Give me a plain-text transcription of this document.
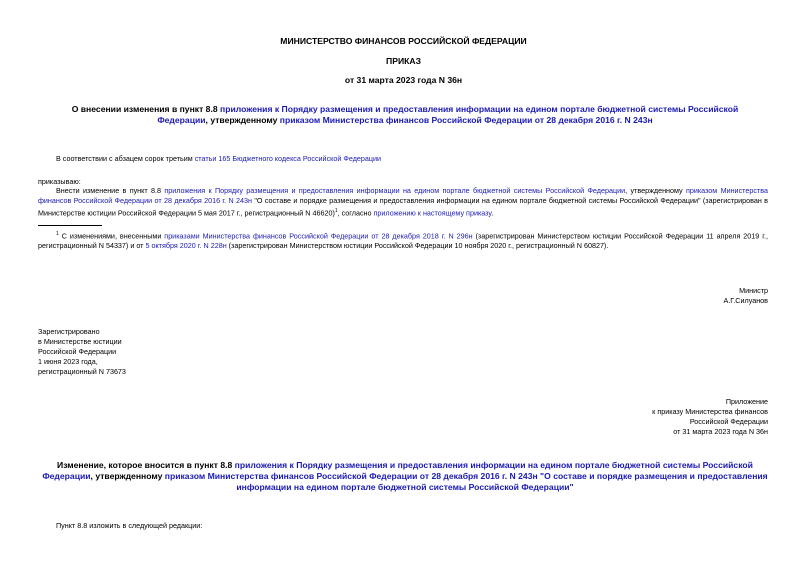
МИНИСТЕРСТВО ФИНАНСОВ РОССИЙСКОЙ ФЕДЕРАЦИИ
ПРИКАЗ
от 31 марта 2023 года N 36н
О внесении изменения в пункт 8.8 приложения к Порядку размещения и предоставления информации на едином портале бюджетной системы Российской Федерации, утвержденному приказом Министерства финансов Российской Федерации от 28 декабря 2016 г. N 243н
В соответствии с абзацем сорок третьим статьи 165 Бюджетного кодекса Российской Федерации
приказываю:
Внести изменение в пункт 8.8 приложения к Порядку размещения и предоставления информации на едином портале бюджетной системы Российской Федерации, утвержденному приказом Министерства финансов Российской Федерации от 28 декабря 2016 г. N 243н "О составе и порядке размещения и предоставления информации на едином портале бюджетной системы Российской Федерации" (зарегистрирован в Министерстве юстиции Российской Федерации 5 мая 2017 г., регистрационный N 46620)$^1$, согласно приложению к настоящему приказу.
$^1$ С изменениями, внесенными приказами Министерства финансов Российской Федерации от 28 декабря 2018 г. N 296н (зарегистрирован Министерством юстиции Российской Федерации 11 апреля 2019 г., регистрационный N 54337) и от 5 октября 2020 г. N 228н (зарегистрирован Министерством юстиции Российской Федерации 10 ноября 2020 г., регистрационный N 60827).
Министр
А.Г.Силуанов
Зарегистрировано
в Министерстве юстиции
Российской Федерации
1 июня 2023 года,
регистрационный N 73673
Приложение
к приказу Министерства финансов
Российской Федерации
от 31 марта 2023 года N 36н
Изменение, которое вносится в пункт 8.8 приложения к Порядку размещения и предоставления информации на едином портале бюджетной системы Российской Федерации, утвержденному приказом Министерства финансов Российской Федерации от 28 декабря 2016 г. N 243н "О составе и порядке размещения и предоставления информации на едином портале бюджетной системы Российской Федерации"
Пункт 8.8 изложить в следующей редакции:
